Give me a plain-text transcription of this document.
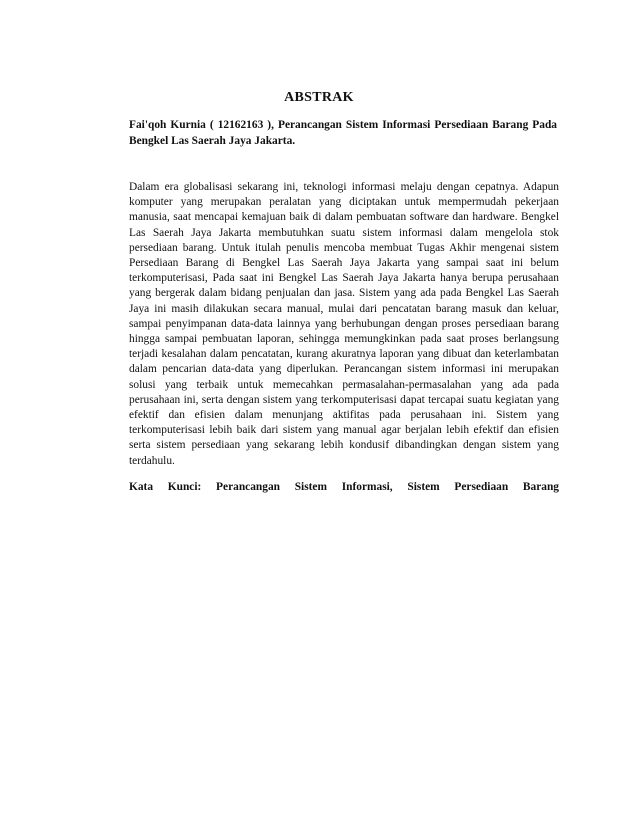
ABSTRAK
Fai'qoh Kurnia ( 12162163 ), Perancangan Sistem Informasi Persediaan Barang Pada Bengkel Las Saerah Jaya Jakarta.

Dalam era globalisasi sekarang ini, teknologi informasi melaju dengan cepatnya. Adapun komputer yang merupakan peralatan yang diciptakan untuk mempermudah pekerjaan manusia, saat mencapai kemajuan baik di dalam pembuatan software dan hardware. Bengkel Las Saerah Jaya Jakarta membutuhkan suatu sistem informasi dalam mengelola stok persediaan barang. Untuk itulah penulis mencoba membuat Tugas Akhir mengenai sistem Persediaan Barang di Bengkel Las Saerah Jaya Jakarta yang sampai saat ini belum terkomputerisasi, Pada saat ini Bengkel Las Saerah Jaya Jakarta hanya berupa perusahaan yang bergerak dalam bidang penjualan dan jasa. Sistem yang ada pada Bengkel Las Saerah Jaya ini masih dilakukan secara manual, mulai dari pencatatan barang masuk dan keluar, sampai penyimpanan data-data lainnya yang berhubungan dengan proses persediaan barang hingga sampai pembuatan laporan, sehingga memungkinkan pada saat proses berlangsung terjadi kesalahan dalam pencatatan, kurang akuratnya laporan yang dibuat dan keterlambatan dalam pencarian data-data yang diperlukan. Perancangan sistem informasi ini merupakan solusi yang terbaik untuk memecahkan permasalahan-permasalahan yang ada pada perusahaan ini, serta dengan sistem yang terkomputerisasi dapat tercapai suatu kegiatan yang efektif dan efisien dalam menunjang aktifitas pada perusahaan ini. Sistem yang terkomputerisasi lebih baik dari sistem yang manual agar berjalan lebih efektif dan efisien serta sistem persediaan yang sekarang lebih kondusif dibandingkan dengan sistem yang terdahulu.

Kata Kunci: Perancangan Sistem Informasi, Sistem Persediaan Barang
